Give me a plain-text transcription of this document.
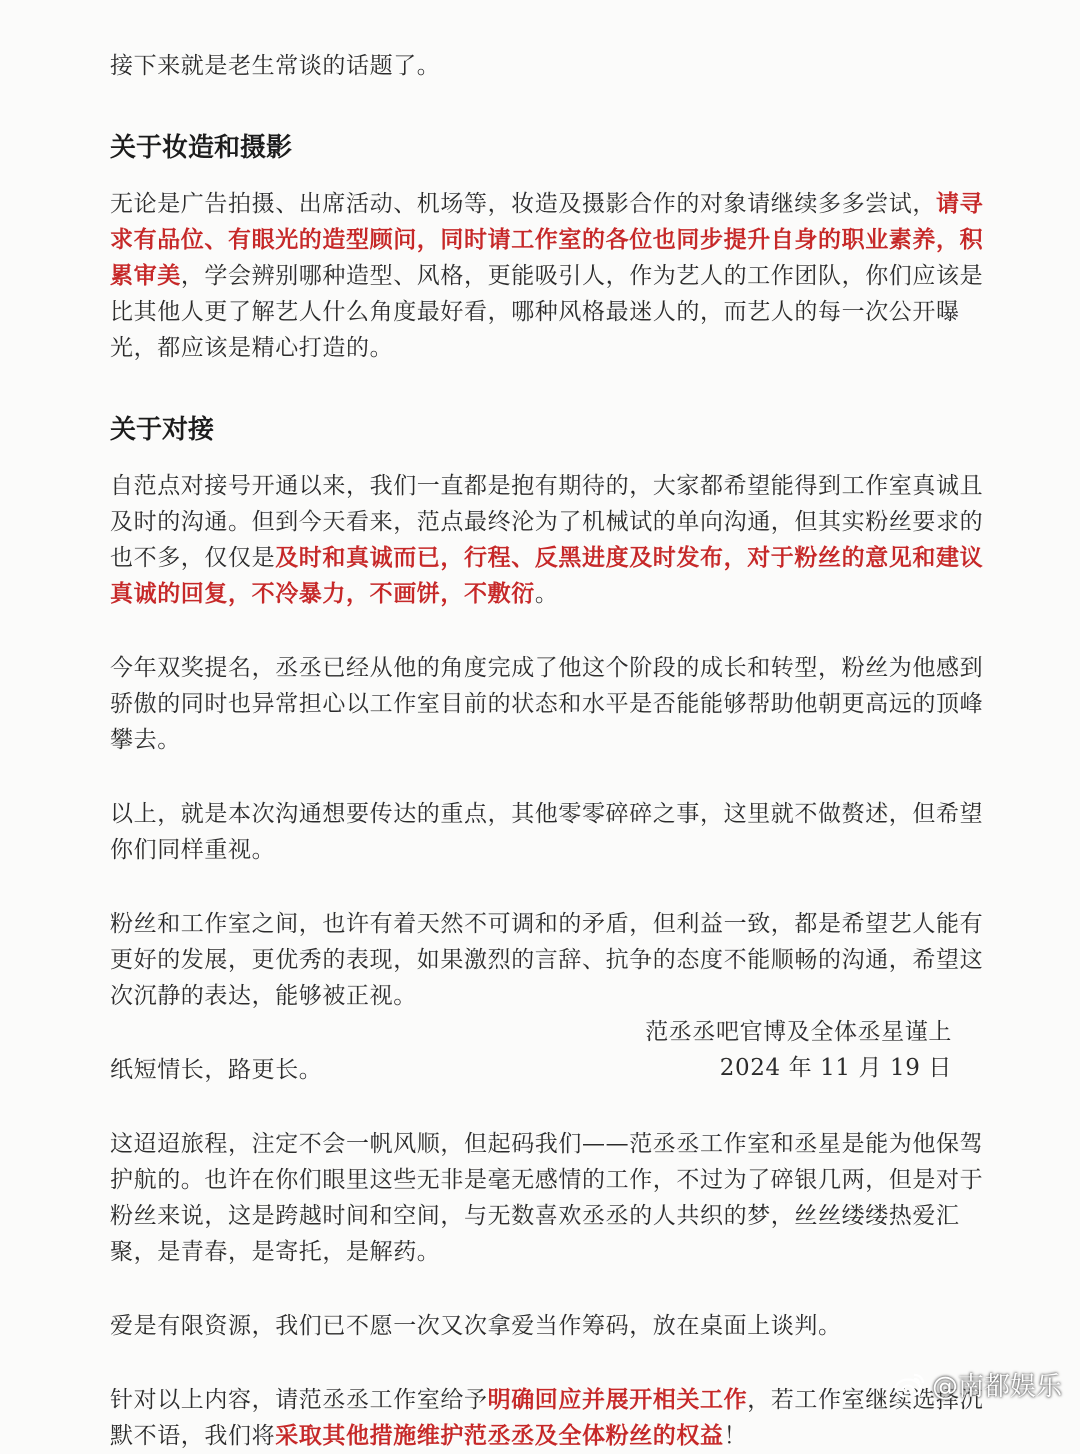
接下来就是老生常谈的话题了。

关于妆造和摄影

无论是广告拍摄、出席活动、机场等，妆造及摄影合作的对象请继续多多尝试，请寻求有品位、有眼光的造型顾问，同时请工作室的各位也同步提升自身的职业素养，积累审美，学会辨别哪种造型、风格，更能吸引人，作为艺人的工作团队，你们应该是比其他人更了解艺人什么角度最好看，哪种风格最迷人的，而艺人的每一次公开曝光，都应该是精心打造的。

关于对接

自范点对接号开通以来，我们一直都是抱有期待的，大家都希望能得到工作室真诚且及时的沟通。但到今天看来，范点最终沦为了机械试的单向沟通，但其实粉丝要求的也不多，仅仅是及时和真诚而已，行程、反黑进度及时发布，对于粉丝的意见和建议真诚的回复，不冷暴力，不画饼，不敷衍。

今年双奖提名，丞丞已经从他的角度完成了他这个阶段的成长和转型，粉丝为他感到骄傲的同时也异常担心以工作室目前的状态和水平是否能能够帮助他朝更高远的顶峰攀去。

以上，就是本次沟通想要传达的重点，其他零零碎碎之事，这里就不做赘述，但希望你们同样重视。

粉丝和工作室之间，也许有着天然不可调和的矛盾，但利益一致，都是希望艺人能有更好的发展，更优秀的表现，如果激烈的言辞、抗争的态度不能顺畅的沟通，希望这次沉静的表达，能够被正视。

纸短情长，路更长。

这迢迢旅程，注定不会一帆风顺，但起码我们——范丞丞工作室和丞星是能为他保驾护航的。也许在你们眼里这些无非是毫无感情的工作，不过为了碎银几两，但是对于粉丝来说，这是跨越时间和空间，与无数喜欢丞丞的人共织的梦，丝丝缕缕热爱汇聚，是青春，是寄托，是解药。

爱是有限资源，我们已不愿一次又次拿爱当作筹码，放在桌面上谈判。

针对以上内容，请范丞丞工作室给予明确回应并展开相关工作，若工作室继续选择沉默不语，我们将采取其他措施维护范丞丞及全体粉丝的权益！

范丞丞吧官博及全体丞星谨上

2024 年 11 月 19 日

@南都娱乐
